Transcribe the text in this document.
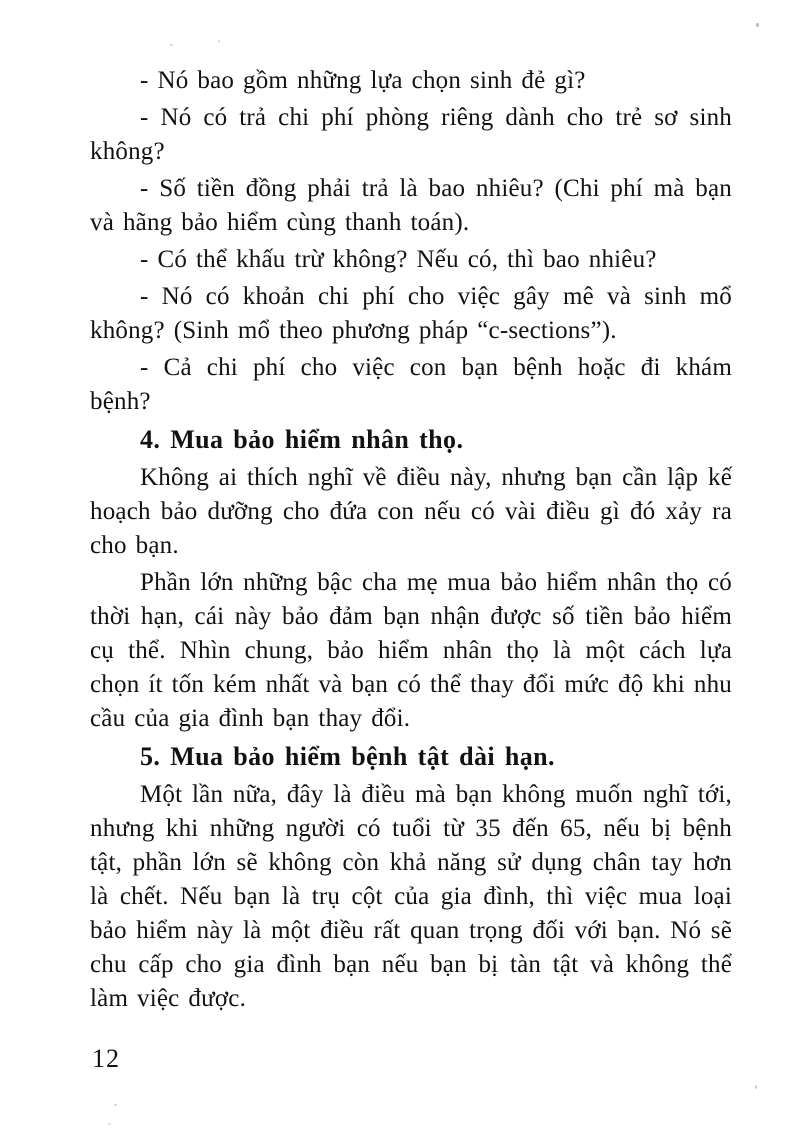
- Nó bao gồm những lựa chọn sinh đẻ gì?

- Nó có trả chi phí phòng riêng dành cho trẻ sơ sinh không?

- Số tiền đồng phải trả là bao nhiêu? (Chi phí mà bạn và hãng bảo hiểm cùng thanh toán).

- Có thể khấu trừ không? Nếu có, thì bao nhiêu?

- Nó có khoản chi phí cho việc gây mê và sinh mổ không? (Sinh mổ theo phương pháp “c-sections”).

- Cả chi phí cho việc con bạn bệnh hoặc đi khám bệnh?

4. Mua bảo hiểm nhân thọ.

Không ai thích nghĩ về điều này, nhưng bạn cần lập kế hoạch bảo dưỡng cho đứa con nếu có vài điều gì đó xảy ra cho bạn.

Phần lớn những bậc cha mẹ mua bảo hiểm nhân thọ có thời hạn, cái này bảo đảm bạn nhận được số tiền bảo hiểm cụ thể. Nhìn chung, bảo hiểm nhân thọ là một cách lựa chọn ít tốn kém nhất và bạn có thể thay đổi mức độ khi nhu cầu của gia đình bạn thay đổi.

5. Mua bảo hiểm bệnh tật dài hạn.

Một lần nữa, đây là điều mà bạn không muốn nghĩ tới, nhưng khi những người có tuổi từ 35 đến 65, nếu bị bệnh tật, phần lớn sẽ không còn khả năng sử dụng chân tay hơn là chết. Nếu bạn là trụ cột của gia đình, thì việc mua loại bảo hiểm này là một điều rất quan trọng đối với bạn. Nó sẽ chu cấp cho gia đình bạn nếu bạn bị tàn tật và không thể làm việc được.

12
